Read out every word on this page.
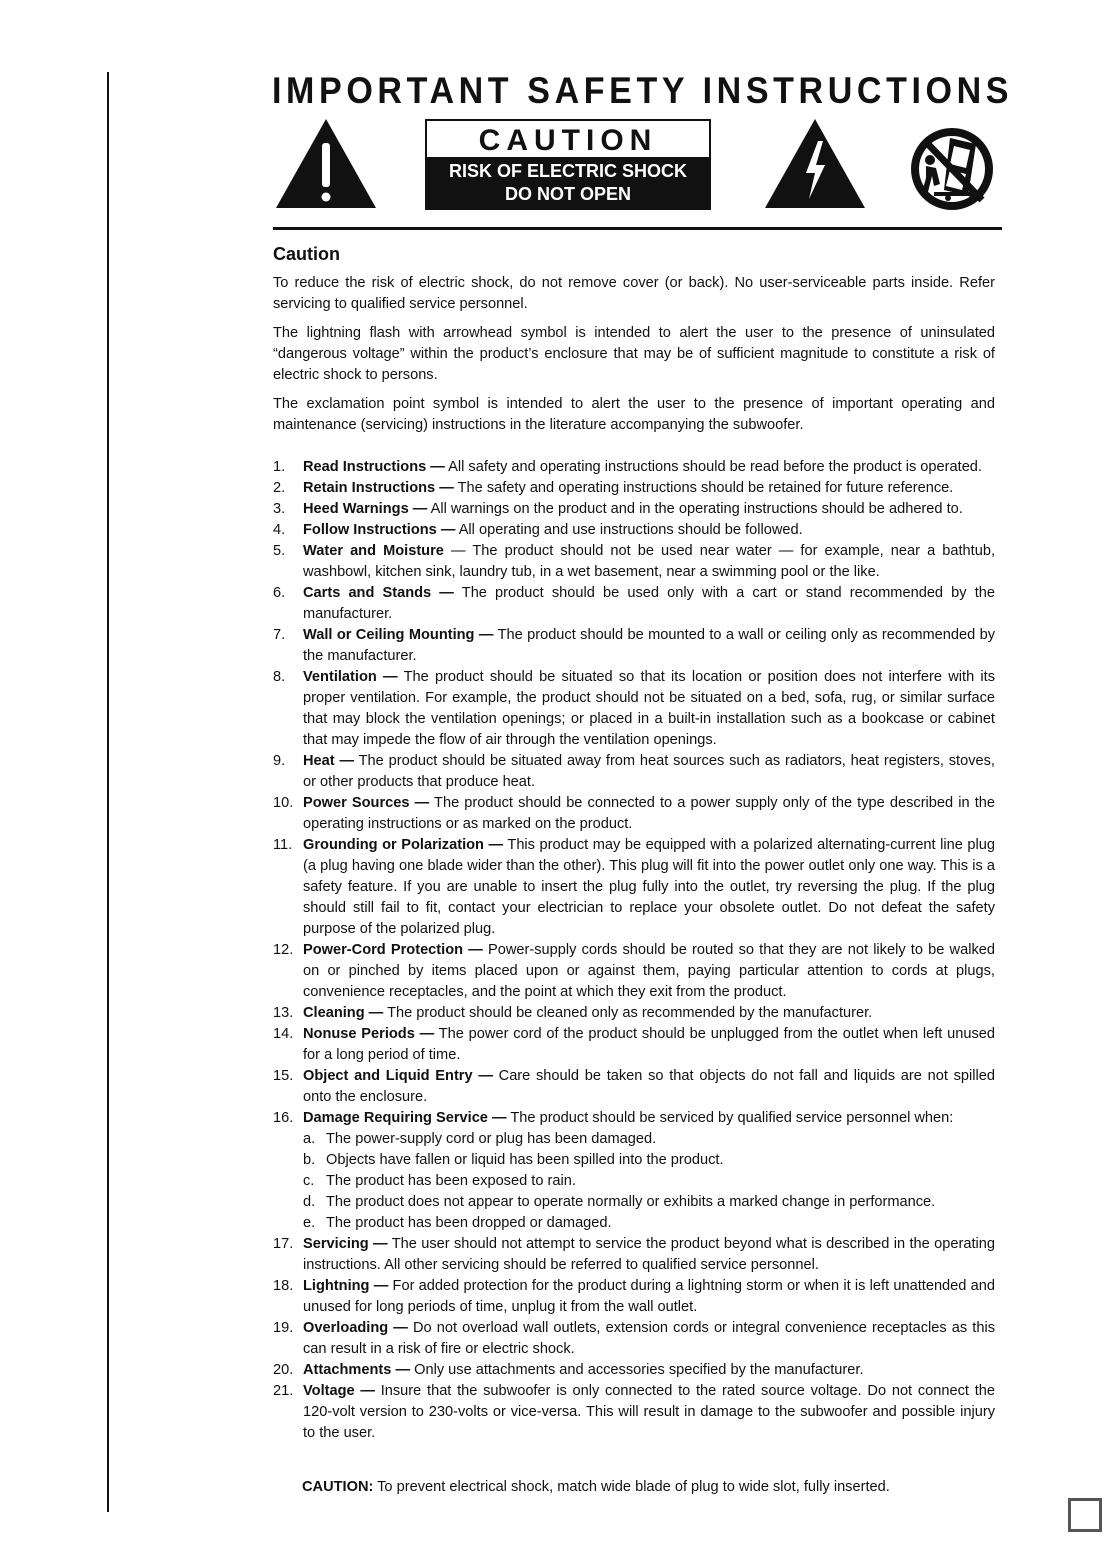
IMPORTANT SAFETY INSTRUCTIONS
CAUTION
RISK OF ELECTRIC SHOCK
DO NOT OPEN
Caution

To reduce the risk of electric shock, do not remove cover (or back). No user-serviceable parts inside. Refer servicing to qualified service personnel.

The lightning flash with arrowhead symbol is intended to alert the user to the presence of uninsulated “dangerous voltage” within the product’s enclosure that may be of sufficient magnitude to constitute a risk of electric shock to persons.

The exclamation point symbol is intended to alert the user to the presence of important operating and maintenance (servicing) instructions in the literature accompanying the subwoofer.

1.	Read Instructions — All safety and operating instructions should be read before the product is operated.
2.	Retain Instructions — The safety and operating instructions should be retained for future reference.
3.	Heed Warnings — All warnings on the product and in the operating instructions should be adhered to.
4.	Follow Instructions — All operating and use instructions should be followed.
5.	Water and Moisture — The product should not be used near water — for example, near a bathtub, washbowl, kitchen sink, laundry tub, in a wet basement, near a swimming pool or the like.
6.	Carts and Stands — The product should be used only with a cart or stand recommended by the manufacturer.
7.	Wall or Ceiling Mounting — The product should be mounted to a wall or ceiling only as recommended by the manufacturer.
8.	Ventilation — The product should be situated so that its location or position does not interfere with its proper ventilation. For example, the product should not be situated on a bed, sofa, rug, or similar surface that may block the ventilation openings; or placed in a built-in installation such as a bookcase or cabinet that may impede the flow of air through the ventilation openings.
9.	Heat — The product should be situated away from heat sources such as radiators, heat registers, stoves, or other products that produce heat.
10. Power Sources — The product should be connected to a power supply only of the type described in the operating instructions or as marked on the product.
11. Grounding or Polarization — This product may be equipped with a polarized alternating-current line plug (a plug having one blade wider than the other). This plug will fit into the power outlet only one way. This is a safety feature. If you are unable to insert the plug fully into the outlet, try reversing the plug. If the plug should still fail to fit, contact your electrician to replace your obsolete outlet. Do not defeat the safety purpose of the polarized plug.
12. Power-Cord Protection — Power-supply cords should be routed so that they are not likely to be walked on or pinched by items placed upon or against them, paying particular attention to cords at plugs, convenience receptacles, and the point at which they exit from the product.
13. Cleaning — The product should be cleaned only as recommended by the manufacturer.
14. Nonuse Periods — The power cord of the product should be unplugged from the outlet when left unused for a long period of time.
15. Object and Liquid Entry — Care should be taken so that objects do not fall and liquids are not spilled onto the enclosure.
16. Damage Requiring Service — The product should be serviced by qualified service personnel when:
a. The power-supply cord or plug has been damaged.
b. Objects have fallen or liquid has been spilled into the product.
c. The product has been exposed to rain.
d. The product does not appear to operate normally or exhibits a marked change in performance.
e. The product has been dropped or damaged.
17. Servicing — The user should not attempt to service the product beyond what is described in the operating instructions. All other servicing should be referred to qualified service personnel.
18. Lightning — For added protection for the product during a lightning storm or when it is left unattended and unused for long periods of time, unplug it from the wall outlet.
19. Overloading — Do not overload wall outlets, extension cords or integral convenience receptacles as this can result in a risk of fire or electric shock.
20. Attachments — Only use attachments and accessories specified by the manufacturer.
21. Voltage — Insure that the subwoofer is only connected to the rated source voltage. Do not connect the 120-volt version to 230-volts or vice-versa. This will result in damage to the subwoofer and possible injury to the user.
CAUTION: To prevent electrical shock, match wide blade of plug to wide slot, fully inserted.
